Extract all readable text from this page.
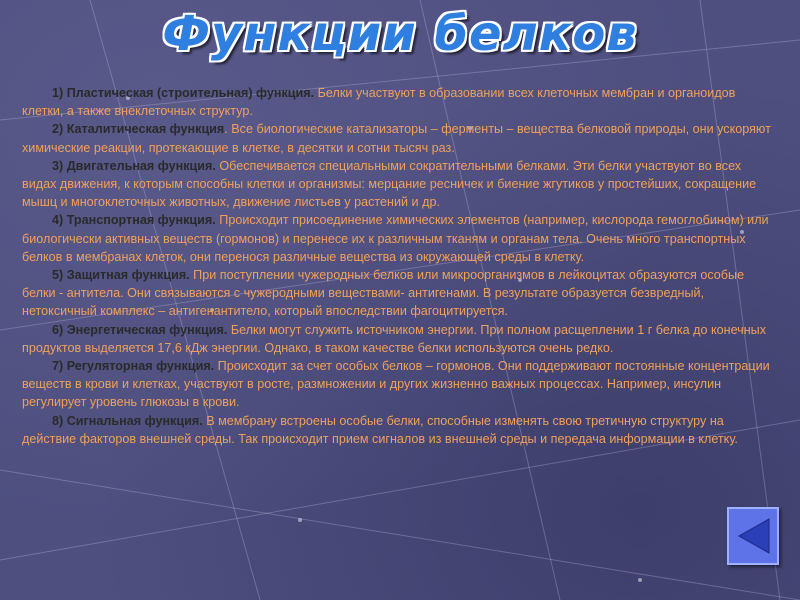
Функции белков

1) Пластическая (строительная) функция. Белки участвуют в образовании всех клеточных мембран и органоидов клетки, а также внеклеточных структур.

2) Каталитическая функция. Все биологические катализаторы – ферменты – вещества белковой природы, они ускоряют химические реакции, протекающие в клетке, в десятки и сотни тысяч раз.

3) Двигательная функция. Обеспечивается специальными сократительными белками. Эти белки участвуют во всех видах движения, к которым способны клетки и организмы: мерцание ресничек и биение жгутиков у простейших, сокращение мышц и многоклеточных животных, движение листьев у растений и др.

4) Транспортная функция. Происходит присоединение химических элементов (например, кислорода гемоглобином) или биологически активных веществ (гормонов) и перенесе их к различным тканям и органам тела. Очень много транспортных белков в мембранах клеток, они перенося различные вещества из окружающей среды в клетку.

5) Защитная функция. При поступлении чужеродных белков или микроорганизмов в лейкоцитах образуются особые белки - антитела. Они связываются с чужеродными веществами- антигенами. В результате образуется безвредный, нетоксичный комплекс – антигенантитело, который впоследствии фагоцитируется.

6) Энергетическая функция. Белки могут служить источником энергии. При полном расщеплении 1 г белка до конечных продуктов выделяется 17,6 кДж энергии. Однако, в таком качестве белки используются очень редко.

7) Регуляторная функция. Происходит за счет особых белков – гормонов. Они поддерживают постоянные концентрации веществ в крови и клетках, участвуют в росте, размножении и других жизненно важных процессах. Например, инсулин регулирует уровень глюкозы в крови.

8) Сигнальная функция. В мембрану встроены особые белки, способные изменять свою третичную структуру на действие факторов внешней среды. Так происходит прием сигналов из внешней среды и передача информации в клетку.
